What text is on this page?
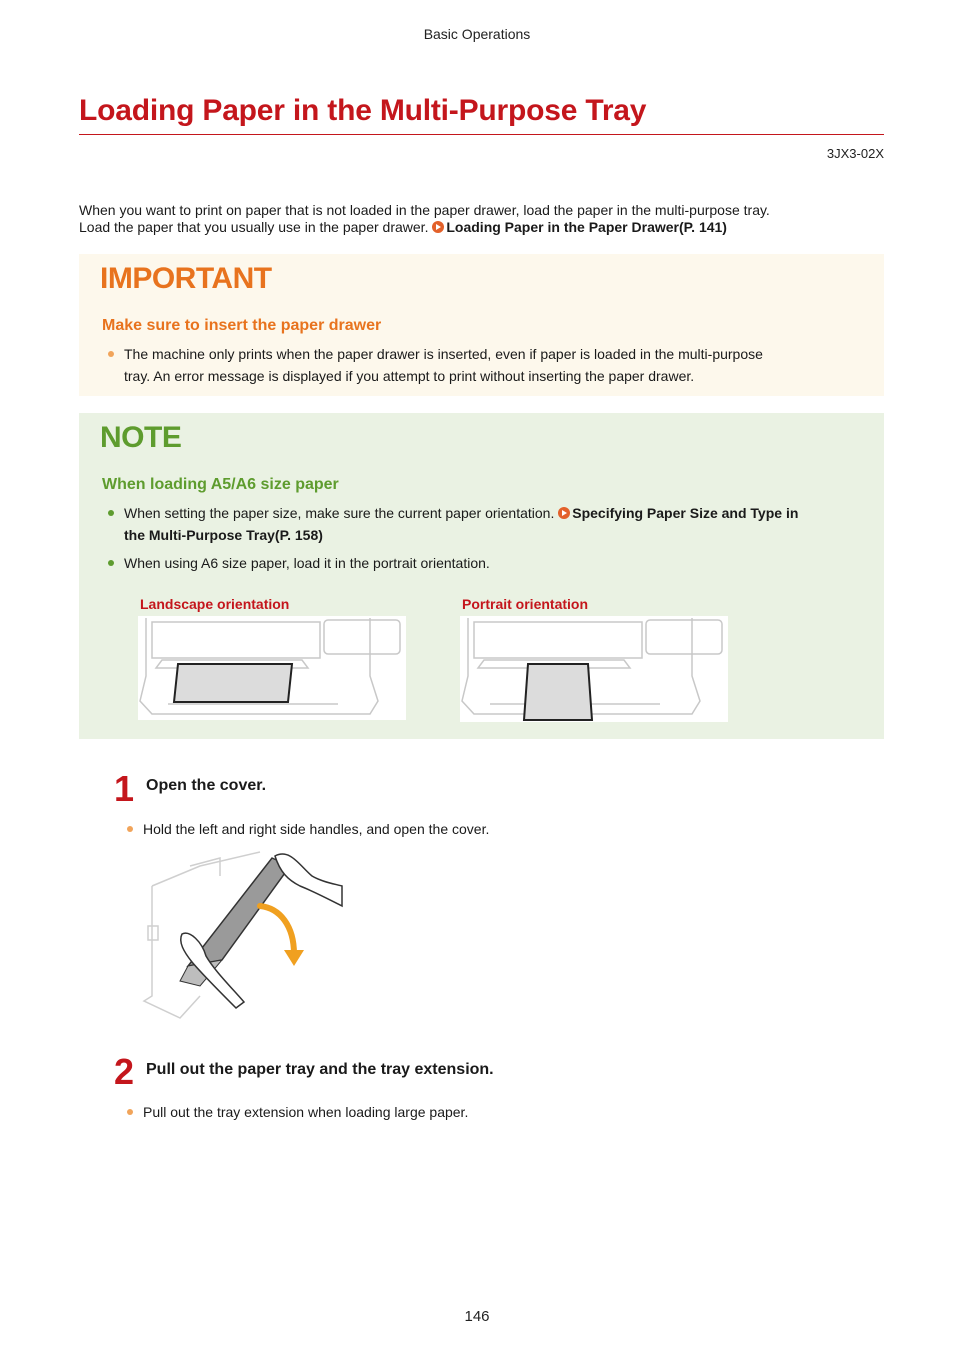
Basic Operations
Loading Paper in the Multi-Purpose Tray
3JX3-02X
When you want to print on paper that is not loaded in the paper drawer, load the paper in the multi-purpose tray.
Load the paper that you usually use in the paper drawer. Loading Paper in the Paper Drawer(P. 141)
IMPORTANT
Make sure to insert the paper drawer
The machine only prints when the paper drawer is inserted, even if paper is loaded in the multi-purpose
tray. An error message is displayed if you attempt to print without inserting the paper drawer.
NOTE
When loading A5/A6 size paper
When setting the paper size, make sure the current paper orientation. Specifying Paper Size and Type in
the Multi-Purpose Tray(P. 158)
When using A6 size paper, load it in the portrait orientation.
Landscape orientation	Portrait orientation
1 Open the cover.
Hold the left and right side handles, and open the cover.
2 Pull out the paper tray and the tray extension.
Pull out the tray extension when loading large paper.
146
